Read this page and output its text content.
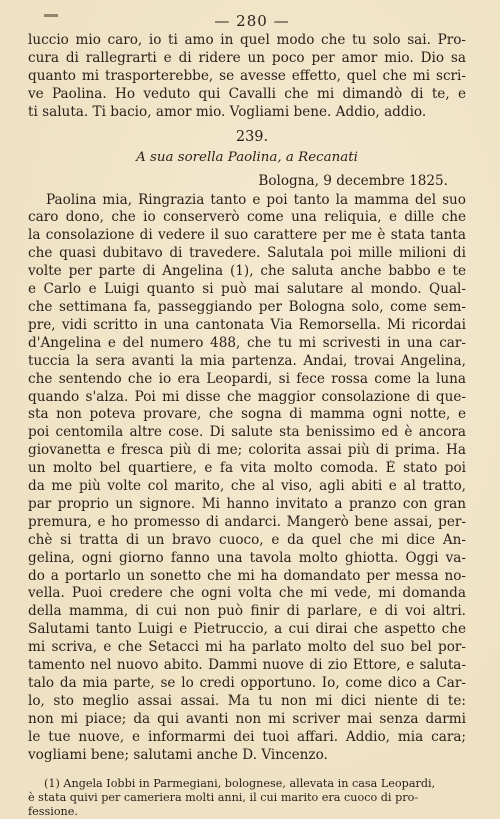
— 280 —

luccio mio caro, io ti amo in quel modo che tu solo sai. Pro-
cura di rallegrarti e di ridere un poco per amor mio. Dio sa
quanto mi trasporterebbe, se avesse effetto, quel che mi scri-
ve Paolina. Ho veduto qui Cavalli che mi dimandò di te, e
ti saluta. Ti bacio, amor mio. Vogliami bene. Addio, addio.

239.
A sua sorella Paolina, a Recanati
Bologna, 9 decembre 1825.

Paolina mia, Ringrazia tanto e poi tanto la mamma del suo
caro dono, che io conserverò come una reliquia, e dille che
la consolazione di vedere il suo carattere per me è stata tanta
che quasi dubitavo di travedere. Salutala poi mille milioni di
volte per parte di Angelina (1), che saluta anche babbo e te
e Carlo e Luigi quanto si può mai salutare al mondo. Qual-
che settimana fa, passeggiando per Bologna solo, come sem-
pre, vidi scritto in una cantonata Via Remorsella. Mi ricordai
d'Angelina e del numero 488, che tu mi scrivesti in una car-
tuccia la sera avanti la mia partenza. Andai, trovai Angelina,
che sentendo che io era Leopardi, si fece rossa come la luna
quando s'alza. Poi mi disse che maggior consolazione di que-
sta non poteva provare, che sogna di mamma ogni notte, e
poi centomila altre cose. Di salute sta benissimo ed è ancora
giovanetta e fresca più di me; colorita assai più di prima. Ha
un molto bel quartiere, e fa vita molto comoda. È stato poi
da me più volte col marito, che al viso, agli abiti e al tratto,
par proprio un signore. Mi hanno invitato a pranzo con gran
premura, e ho promesso di andarci. Mangerò bene assai, per-
chè si tratta di un bravo cuoco, e da quel che mi dice An-
gelina, ogni giorno fanno una tavola molto ghiotta. Oggi va-
do a portarlo un sonetto che mi ha domandato per messa no-
vella. Puoi credere che ogni volta che mi vede, mi domanda
della mamma, di cui non può finir di parlare, e di voi altri.
Salutami tanto Luigi e Pietruccio, a cui dirai che aspetto che
mi scriva, e che Setacci mi ha parlato molto del suo bel por-
tamento nel nuovo abito. Dammi nuove di zio Ettore, e saluta-
talo da mia parte, se lo credi opportuno. Io, come dico a Car-
lo, sto meglio assai assai. Ma tu non mi dici niente di te:
non mi piace; da qui avanti non mi scriver mai senza darmi
le tue nuove, e informarmi dei tuoi affari. Addio, mia cara;
vogliami bene; salutami anche D. Vincenzo.

(1) Angela Iobbi in Parmegiani, bolognese, allevata in casa Leopardi,
è stata quivi per cameriera molti anni, il cui marito era cuoco di pro-
fessione.
